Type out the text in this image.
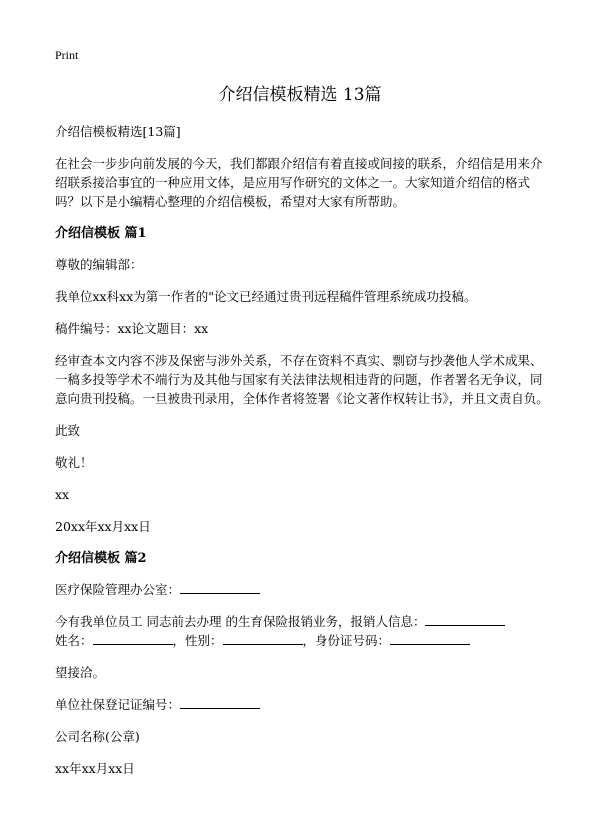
Print
介绍信模板精选 13篇

介绍信模板精选[13篇]

在社会一步步向前发展的今天，我们都跟介绍信有着直接或间接的联系，介绍信是用来介绍联系接洽事宜的一种应用文体，是应用写作研究的文体之一。大家知道介绍信的格式吗？以下是小编精心整理的介绍信模板，希望对大家有所帮助。

介绍信模板 篇1

尊敬的编辑部：

我单位xx科xx为第一作者的"论文已经通过贵刊远程稿件管理系统成功投稿。

稿件编号：xx论文题目：xx

经审查本文内容不涉及保密与涉外关系，不存在资料不真实、剽窃与抄袭他人学术成果、一稿多投等学术不端行为及其他与国家有关法律法规相违背的问题，作者署名无争议，同意向贵刊投稿。一旦被贵刊录用，全体作者将签署《论文著作权转让书》，并且文责自负。

此致

敬礼！

xx

20xx年xx月xx日

介绍信模板 篇2

医疗保险管理办公室：

今有我单位员工 同志前去办理 的生育保险报销业务，报销人信息：
姓名：	，性别：	，身份证号码：

望接洽。

单位社保登记证编号：

公司名称(公章)

xx年xx月xx日
